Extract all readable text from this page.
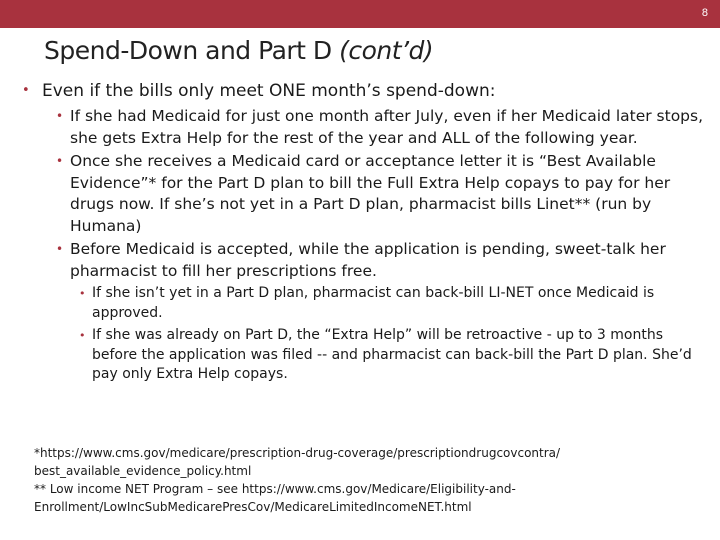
8
Spend-Down and Part D (cont’d)

• Even if the bills only meet ONE month’s spend-down:

• If she had Medicaid for just one month after July, even if her Medicaid later stops, she gets Extra Help for the rest of the year and ALL of the following year.

• Once she receives a Medicaid card or acceptance letter it is “Best Available Evidence”* for the Part D plan to bill the Full Extra Help copays to pay for her drugs now. If she’s not yet in a Part D plan, pharmacist bills Linet** (run by Humana)

• Before Medicaid is accepted, while the application is pending, sweet-talk her pharmacist to fill her prescriptions free.

• If she isn’t yet in a Part D plan, pharmacist can back-bill LI-NET once Medicaid is approved.

• If she was already on Part D, the “Extra Help” will be retroactive - up to 3 months before the application was filed -- and pharmacist can back-bill the Part D plan. She’d pay only Extra Help copays.

*https://www.cms.gov/medicare/prescription-drug-coverage/prescriptiondrugcovcontra/ best_available_evidence_policy.html

** Low income NET Program – see https://www.cms.gov/Medicare/Eligibility-and-Enrollment/LowIncSubMedicarePresCov/MedicareLimitedIncomeNET.html
